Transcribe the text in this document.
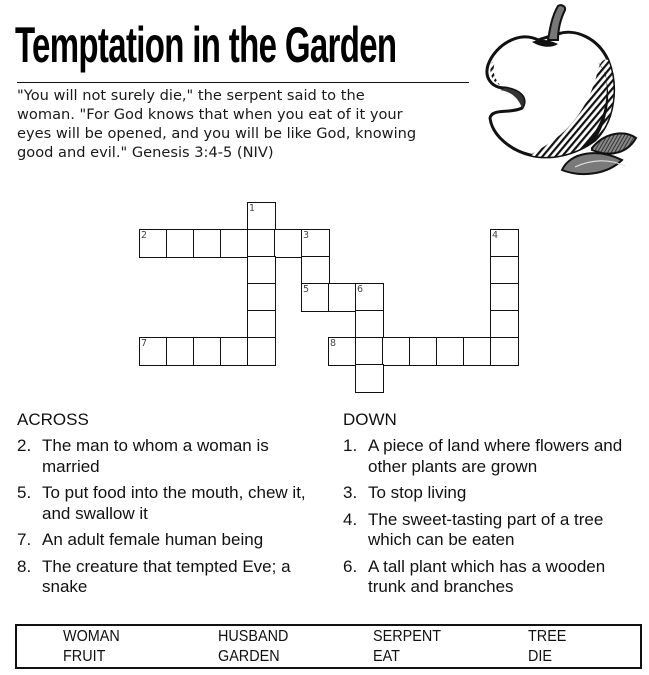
Temptation in the Garden
"You will not surely die," the serpent said to the
woman. "For God knows that when you eat of it your
eyes will be opened, and you will be like God, knowing
good and evil." Genesis 3:4-5 (NIV)
1
2	3	4
5	6
7	8
ACROSS
2. The man to whom a woman is married
5. To put food into the mouth, chew it, and swallow it
7. An adult female human being
8. The creature that tempted Eve; a snake
DOWN
1. A piece of land where flowers and other plants are grown
3. To stop living
4. The sweet-tasting part of a tree which can be eaten
6. A tall plant which has a wooden trunk and branches
WOMAN	HUSBAND	SERPENT	TREE
FRUIT	GARDEN	EAT	DIE
